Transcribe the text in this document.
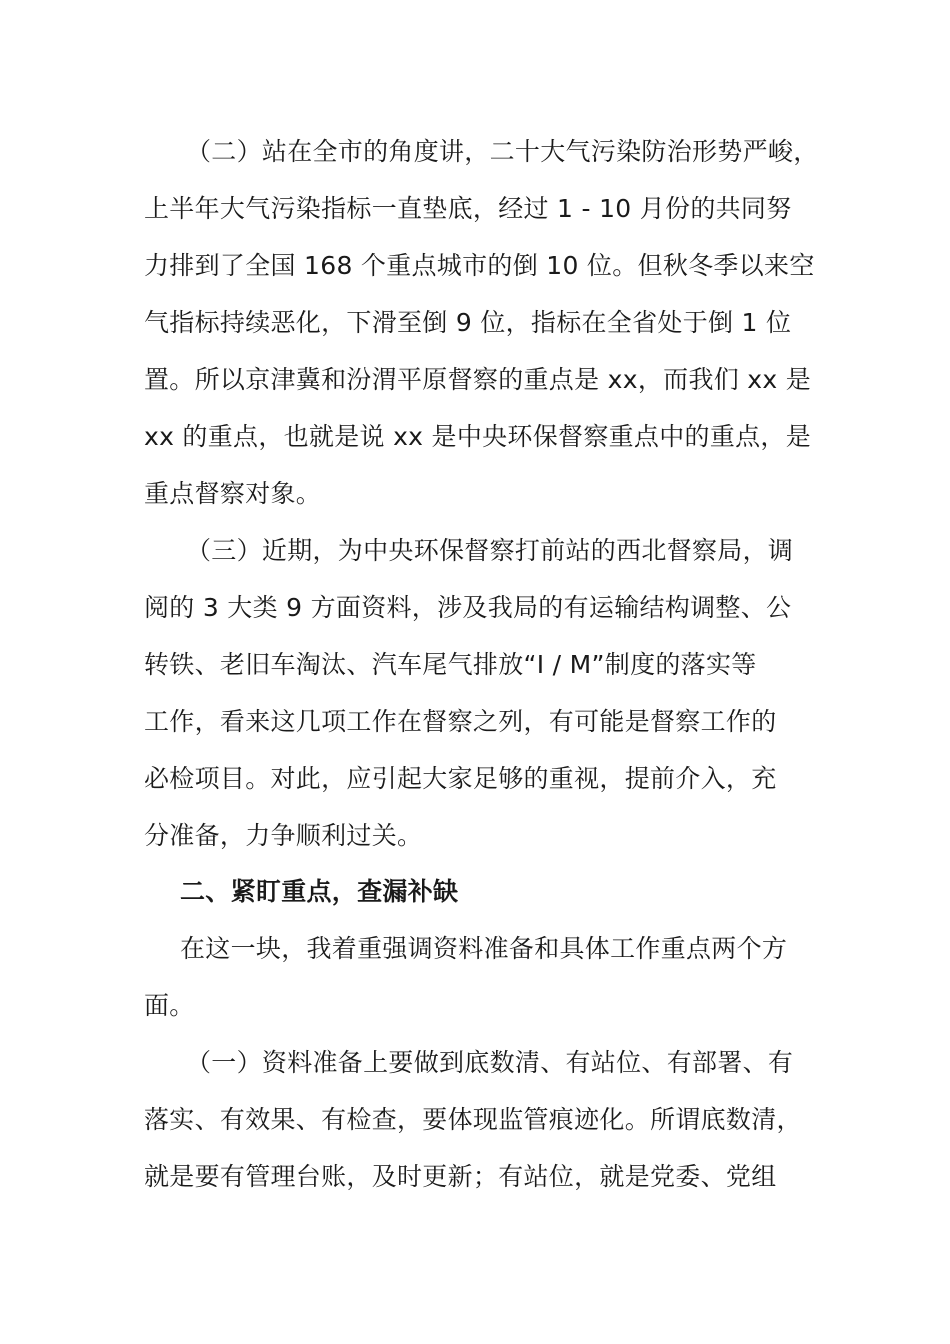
（二）站在全市的角度讲，二十大气污染防治形势严峻，
上半年大气污染指标一直垫底，经过 1 - 10 月份的共同努
力排到了全国 168 个重点城市的倒 10 位。但秋冬季以来空
气指标持续恶化，下滑至倒 9 位，指标在全省处于倒 1 位
置。所以京津冀和汾渭平原督察的重点是 xx，而我们 xx 是
xx 的重点，也就是说 xx 是中央环保督察重点中的重点，是
重点督察对象。
（三）近期，为中央环保督察打前站的西北督察局，调
阅的 3 大类 9 方面资料，涉及我局的有运输结构调整、公
转铁、老旧车淘汰、汽车尾气排放“I / M”制度的落实等
工作，看来这几项工作在督察之列，有可能是督察工作的
必检项目。对此，应引起大家足够的重视，提前介入，充
分准备，力争顺利过关。
二、紧盯重点，查漏补缺
在这一块，我着重强调资料准备和具体工作重点两个方
面。
（一）资料准备上要做到底数清、有站位、有部署、有
落实、有效果、有检查，要体现监管痕迹化。所谓底数清，
就是要有管理台账，及时更新；有站位，就是党委、党组
